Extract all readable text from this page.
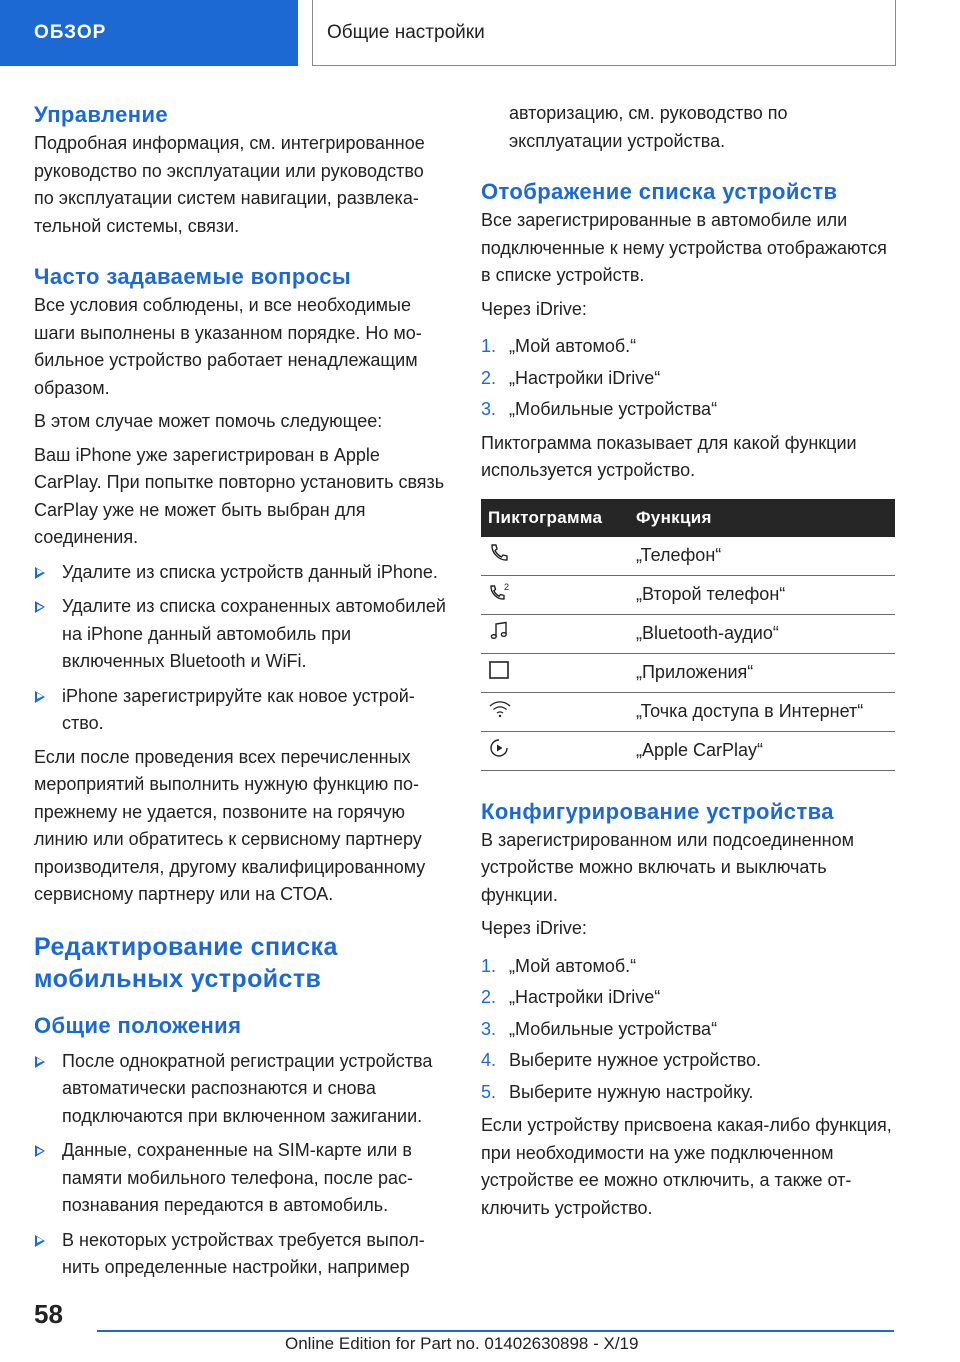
ОБЗОР	Общие настройки
Управление

Подробная информация, см. интегрированное руководство по эксплуатации или руководство по эксплуатации систем навигации, развлекательной системы, связи.

Часто задаваемые вопросы

Все условия соблюдены, и все необходимые шаги выполнены в указанном порядке. Но мобильное устройство работает ненадлежащим образом.

В этом случае может помочь следующее:

Ваш iPhone уже зарегистрирован в Apple CarPlay. При попытке повторно установить связь CarPlay уже не может быть выбран для соединения.

Удалите из списка устройств данный iPhone.
Удалите из списка сохраненных автомобилей на iPhone данный автомобиль при включенных Bluetooth и WiFi.
iPhone зарегистрируйте как новое устройство.

Если после проведения всех перечисленных мероприятий выполнить нужную функцию по-прежнему не удается, позвоните на горячую линию или обратитесь к сервисному партнеру производителя, другому квалифицированному сервисному партнеру или на СТОА.

Редактирование списка мобильных устройств
Общие положения
После однократной регистрации устройства автоматически распознаются и снова подключаются при включенном зажигании.
Данные, сохраненные на SIM-карте или в памяти мобильного телефона, после распознавания передаются в автомобиль.
В некоторых устройствах требуется выполнить определенные настройки, например

авторизацию, см. руководство по эксплуатации устройства.

Отображение списка устройств

Все зарегистрированные в автомобиле или подключенные к нему устройства отображаются в списке устройств.

Через iDrive:

1. „Мой автомоб.“
2. „Настройки iDrive“
3. „Мобильные устройства“

Пиктограмма показывает для какой функции используется устройство.

Пиктограмма	Функция
	„Телефон“

2	„Второй телефон“
	„Bluetooth-аудио“
	„Приложения“
	„Точка доступа в Интернет“
	„Apple CarPlay“
Конфигурирование устройства

В зарегистрированном или подсоединенном устройстве можно включать и выключать функции.

Через iDrive:

1. „Мой автомоб.“
2. „Настройки iDrive“
3. „Мобильные устройства“
4. Выберите нужное устройство.
5. Выберите нужную настройку.

Если устройству присвоена какая-либо функция, при необходимости на уже подключенном устройстве ее можно отключить, а также отключить устройство.

58
Online Edition for Part no. 01402630898 - X/19
